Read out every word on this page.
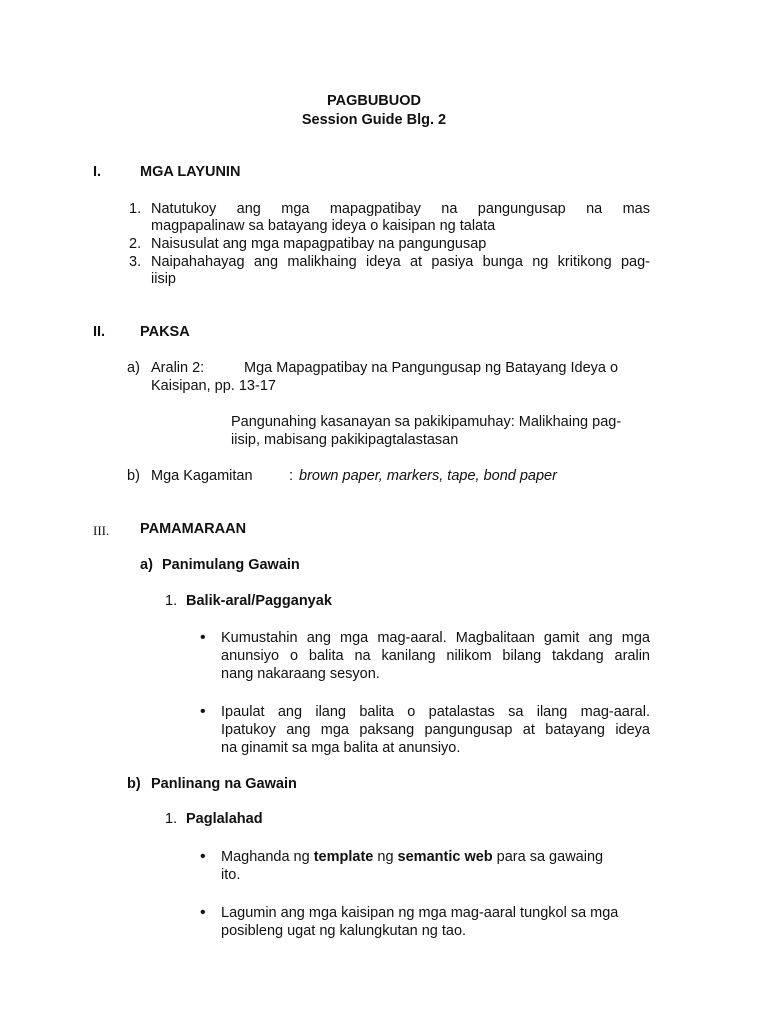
PAGBUBUOD
Session Guide Blg. 2
I.	MGA LAYUNIN
1. Natutukoy ang mga mapagpatibay na pangungusap na mas
magpapalinaw sa batayang ideya o kaisipan ng talata
2. Naisusulat ang mga mapagpatibay na pangungusap
3. Naipahahayag ang malikhaing ideya at pasiya bunga ng kritikong pag-
iisip
II. PAKSA
a) Aralin 2:	Mga Mapagpatibay na Pangungusap ng Batayang Ideya o
Kaisipan, pp. 13-17
Pangunahing kasanayan sa pakikipamuhay: Malikhaing pag-
iisip, mabisang pakikipagtalastasan
b) Mga Kagamitan	: brown paper, markers, tape, bond paper
III. PAMAMARAAN
a) Panimulang Gawain
1. Balik-aral/Pagganyak
• Kumustahin ang mga mag-aaral. Magbalitaan gamit ang mga
anunsiyo o balita na kanilang nilikom bilang takdang aralin
nang nakaraang sesyon.
• Ipaulat ang ilang balita o patalastas sa ilang mag-aaral.
Ipatukoy ang mga paksang pangungusap at batayang ideya
na ginamit sa mga balita at anunsiyo.
b) Panlinang na Gawain
1. Paglalahad
• Maghanda ng template ng semantic web para sa gawaing
ito.
• Lagumin ang mga kaisipan ng mga mag-aaral tungkol sa mga
posibleng ugat ng kalungkutan ng tao.
